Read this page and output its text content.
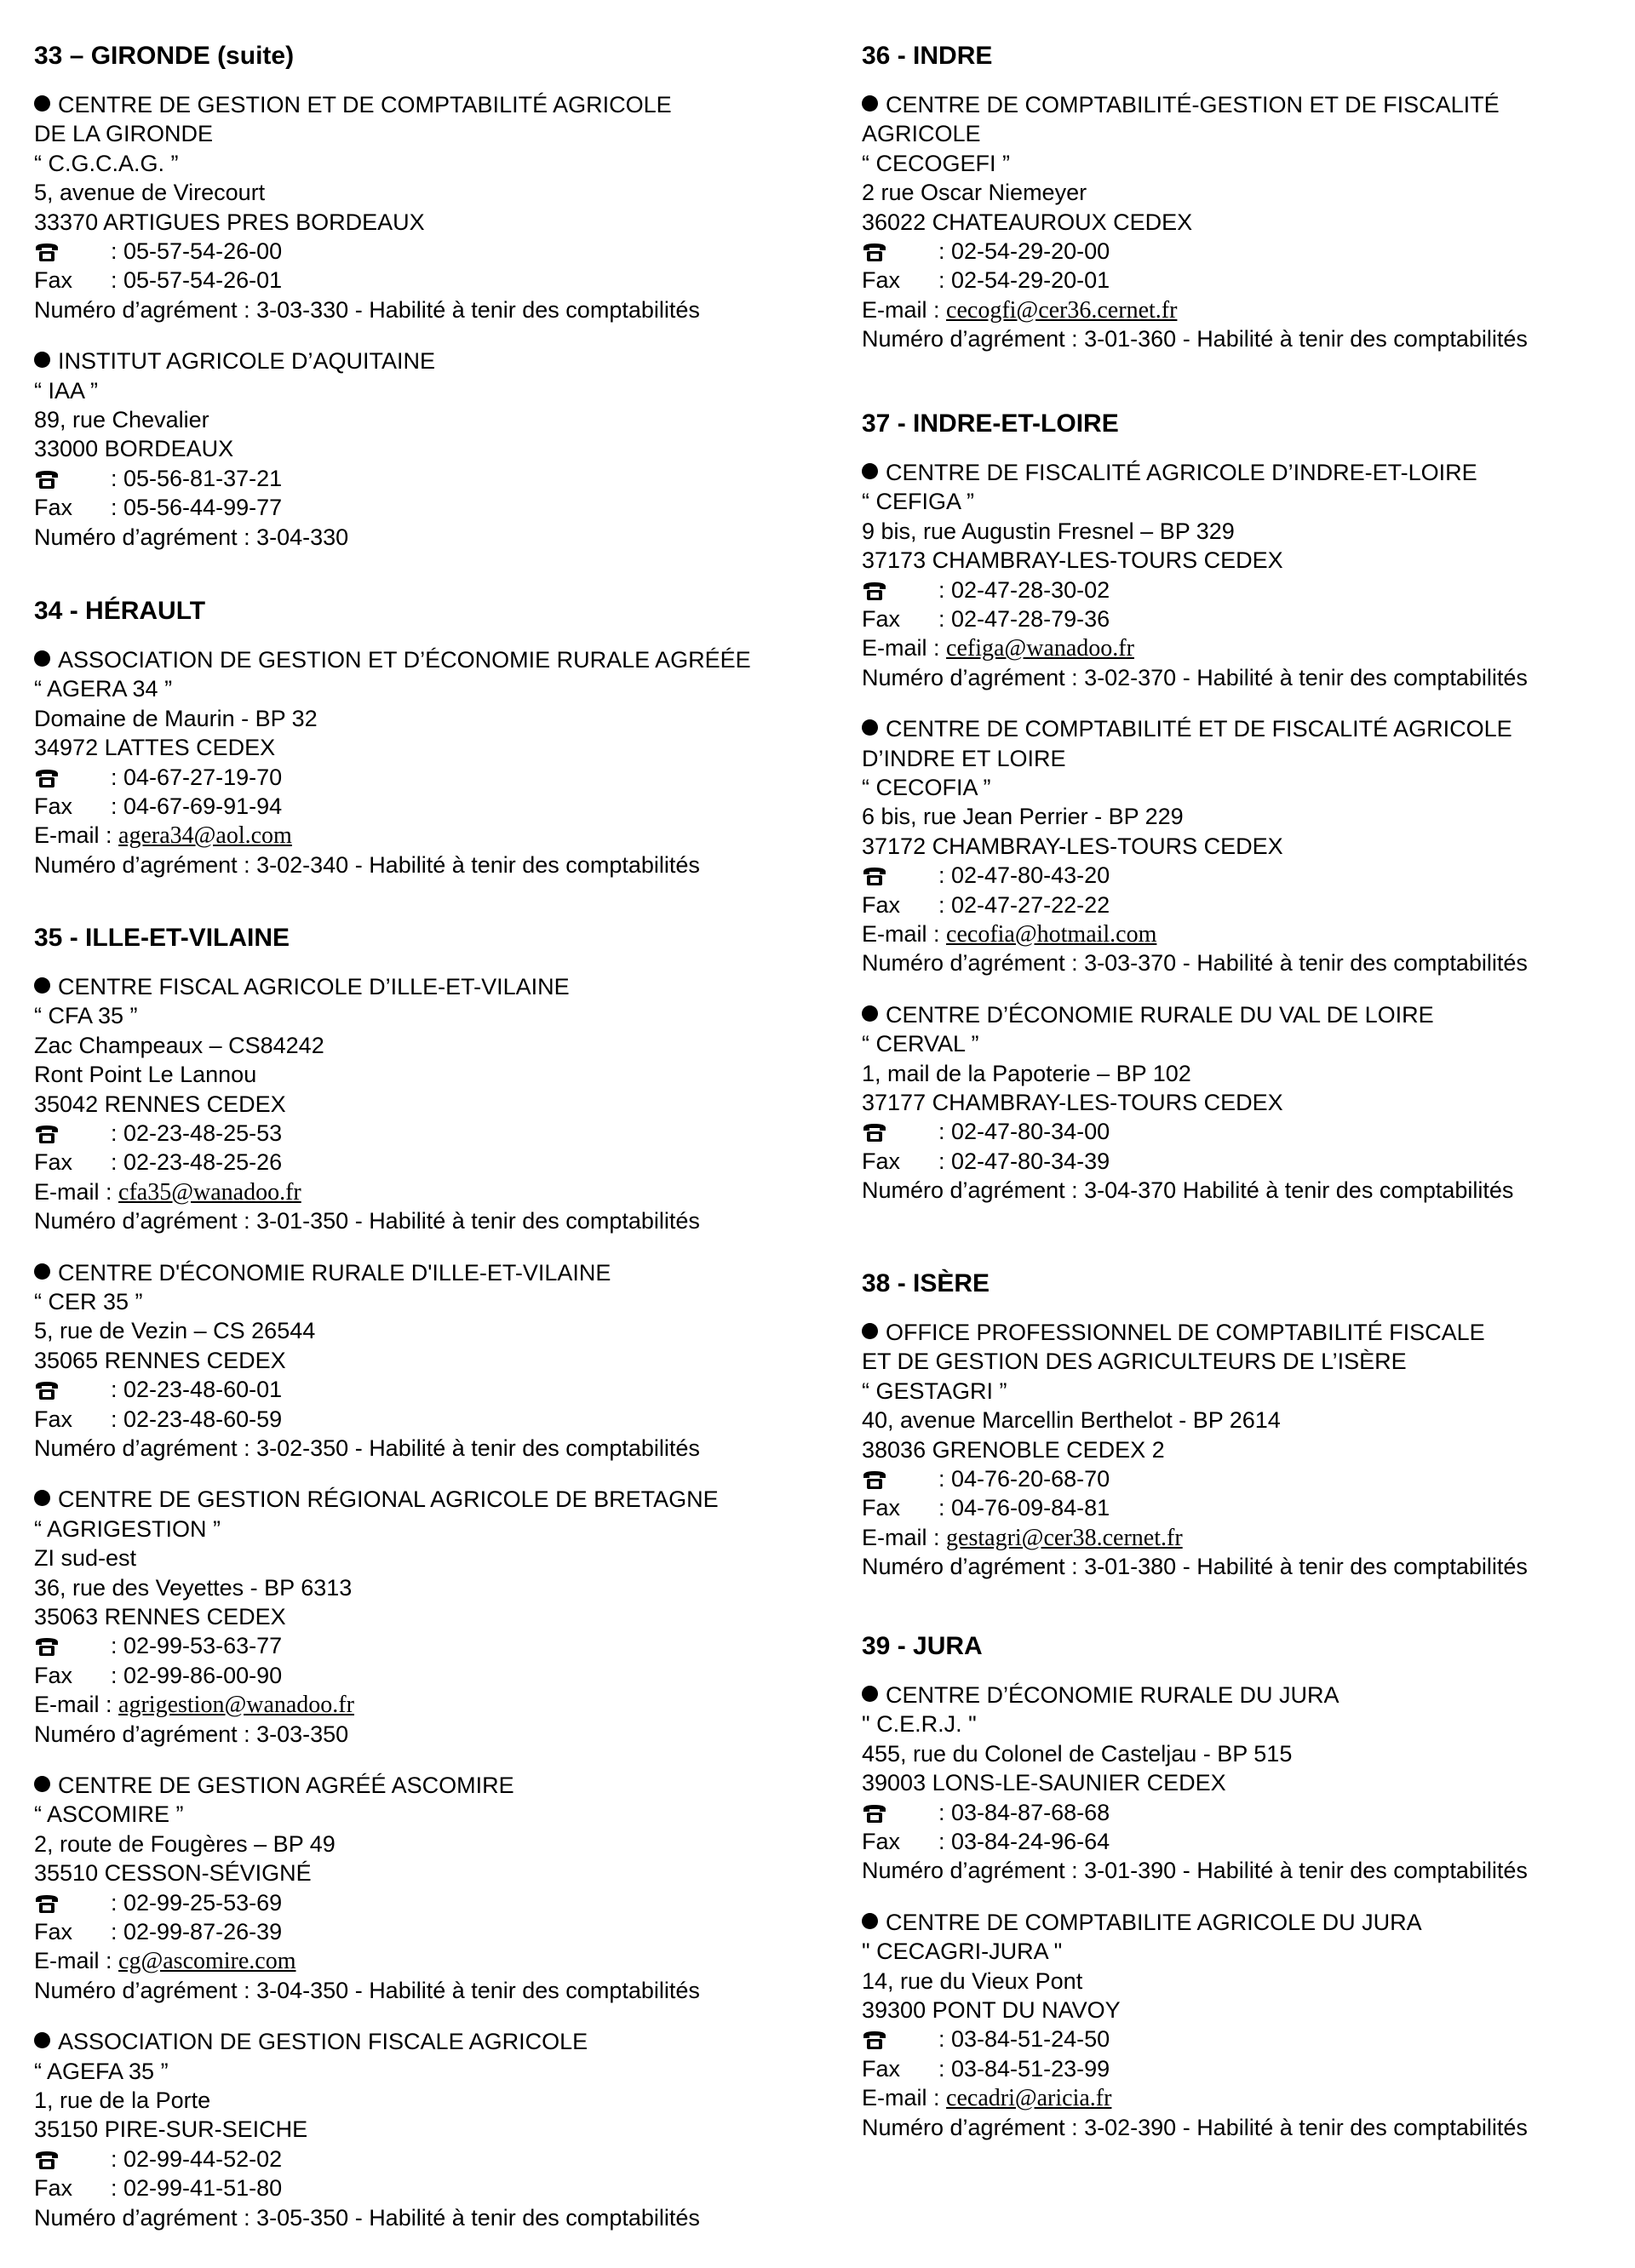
33 – GIRONDE (suite)
CENTRE DE GESTION ET DE COMPTABILITÉ AGRICOLE
DE LA GIRONDE
“ C.G.C.A.G. ”
5, avenue de Virecourt
33370 ARTIGUES PRES BORDEAUX
: 05-57-54-26-00
Fax : 05-57-54-26-01
Numéro d’agrément : 3-03-330 - Habilité à tenir des comptabilités
INSTITUT AGRICOLE D’AQUITAINE
“ IAA ”
89, rue Chevalier
33000 BORDEAUX
: 05-56-81-37-21
Fax : 05-56-44-99-77
Numéro d’agrément : 3-04-330
34 - HÉRAULT
ASSOCIATION DE GESTION ET D’ÉCONOMIE RURALE AGRÉÉE
“ AGERA 34 ”
Domaine de Maurin - BP 32
34972 LATTES CEDEX
: 04-67-27-19-70
Fax : 04-67-69-91-94
E-mail : agera34@aol.com
Numéro d’agrément : 3-02-340 - Habilité à tenir des comptabilités
35 - ILLE-ET-VILAINE
CENTRE FISCAL AGRICOLE D’ILLE-ET-VILAINE
“ CFA 35 ”
Zac Champeaux – CS84242
Ront Point Le Lannou
35042 RENNES CEDEX
: 02-23-48-25-53
Fax : 02-23-48-25-26
E-mail : cfa35@wanadoo.fr
Numéro d’agrément : 3-01-350 - Habilité à tenir des comptabilités
CENTRE D'ÉCONOMIE RURALE D'ILLE-ET-VILAINE
“ CER 35 ”
5, rue de Vezin – CS 26544
35065 RENNES CEDEX
: 02-23-48-60-01
Fax : 02-23-48-60-59
Numéro d’agrément : 3-02-350 - Habilité à tenir des comptabilités
CENTRE DE GESTION RÉGIONAL AGRICOLE DE BRETAGNE
“ AGRIGESTION ”
ZI sud-est
36, rue des Veyettes - BP 6313
35063 RENNES CEDEX
: 02-99-53-63-77
Fax : 02-99-86-00-90
E-mail : agrigestion@wanadoo.fr
Numéro d’agrément : 3-03-350
CENTRE DE GESTION AGRÉÉ ASCOMIRE
“ ASCOMIRE ”
2, route de Fougères – BP 49
35510 CESSON-SÉVIGNÉ
: 02-99-25-53-69
Fax : 02-99-87-26-39
E-mail : cg@ascomire.com
Numéro d’agrément : 3-04-350 - Habilité à tenir des comptabilités
ASSOCIATION DE GESTION FISCALE AGRICOLE
“ AGEFA 35 ”
1, rue de la Porte
35150 PIRE-SUR-SEICHE
: 02-99-44-52-02
Fax : 02-99-41-51-80
Numéro d’agrément : 3-05-350 - Habilité à tenir des comptabilités
36 - INDRE
CENTRE DE COMPTABILITÉ-GESTION ET DE FISCALITÉ
AGRICOLE
“ CECOGEFI ”
2 rue Oscar Niemeyer
36022 CHATEAUROUX CEDEX
: 02-54-29-20-00
Fax : 02-54-29-20-01
E-mail : cecogfi@cer36.cernet.fr
Numéro d’agrément : 3-01-360 - Habilité à tenir des comptabilités
37 - INDRE-ET-LOIRE
CENTRE DE FISCALITÉ AGRICOLE D’INDRE-ET-LOIRE
“ CEFIGA ”
9 bis, rue Augustin Fresnel – BP 329
37173 CHAMBRAY-LES-TOURS CEDEX
: 02-47-28-30-02
Fax : 02-47-28-79-36
E-mail : cefiga@wanadoo.fr
Numéro d’agrément : 3-02-370 - Habilité à tenir des comptabilités
CENTRE DE COMPTABILITÉ ET DE FISCALITÉ AGRICOLE
D’INDRE ET LOIRE
“ CECOFIA ”
6 bis, rue Jean Perrier - BP 229
37172 CHAMBRAY-LES-TOURS CEDEX
: 02-47-80-43-20
Fax : 02-47-27-22-22
E-mail : cecofia@hotmail.com
Numéro d’agrément : 3-03-370 - Habilité à tenir des comptabilités
CENTRE D’ÉCONOMIE RURALE DU VAL DE LOIRE
“ CERVAL ”
1, mail de la Papoterie – BP 102
37177 CHAMBRAY-LES-TOURS CEDEX
: 02-47-80-34-00
Fax : 02-47-80-34-39
Numéro d’agrément : 3-04-370 Habilité à tenir des comptabilités
38 - ISÈRE
OFFICE PROFESSIONNEL DE COMPTABILITÉ FISCALE
ET DE GESTION DES AGRICULTEURS DE L’ISÈRE
“ GESTAGRI ”
40, avenue Marcellin Berthelot - BP 2614
38036 GRENOBLE CEDEX 2
: 04-76-20-68-70
Fax : 04-76-09-84-81
E-mail : gestagri@cer38.cernet.fr
Numéro d’agrément : 3-01-380 - Habilité à tenir des comptabilités
39 - JURA
CENTRE D’ÉCONOMIE RURALE DU JURA
" C.E.R.J. "
455, rue du Colonel de Casteljau - BP 515
39003 LONS-LE-SAUNIER CEDEX
: 03-84-87-68-68
Fax : 03-84-24-96-64
Numéro d’agrément : 3-01-390 - Habilité à tenir des comptabilités
CENTRE DE COMPTABILITE AGRICOLE DU JURA
" CECAGRI-JURA "
14, rue du Vieux Pont
39300 PONT DU NAVOY
: 03-84-51-24-50
Fax : 03-84-51-23-99
E-mail : cecadri@aricia.fr
Numéro d’agrément : 3-02-390 - Habilité à tenir des comptabilités
